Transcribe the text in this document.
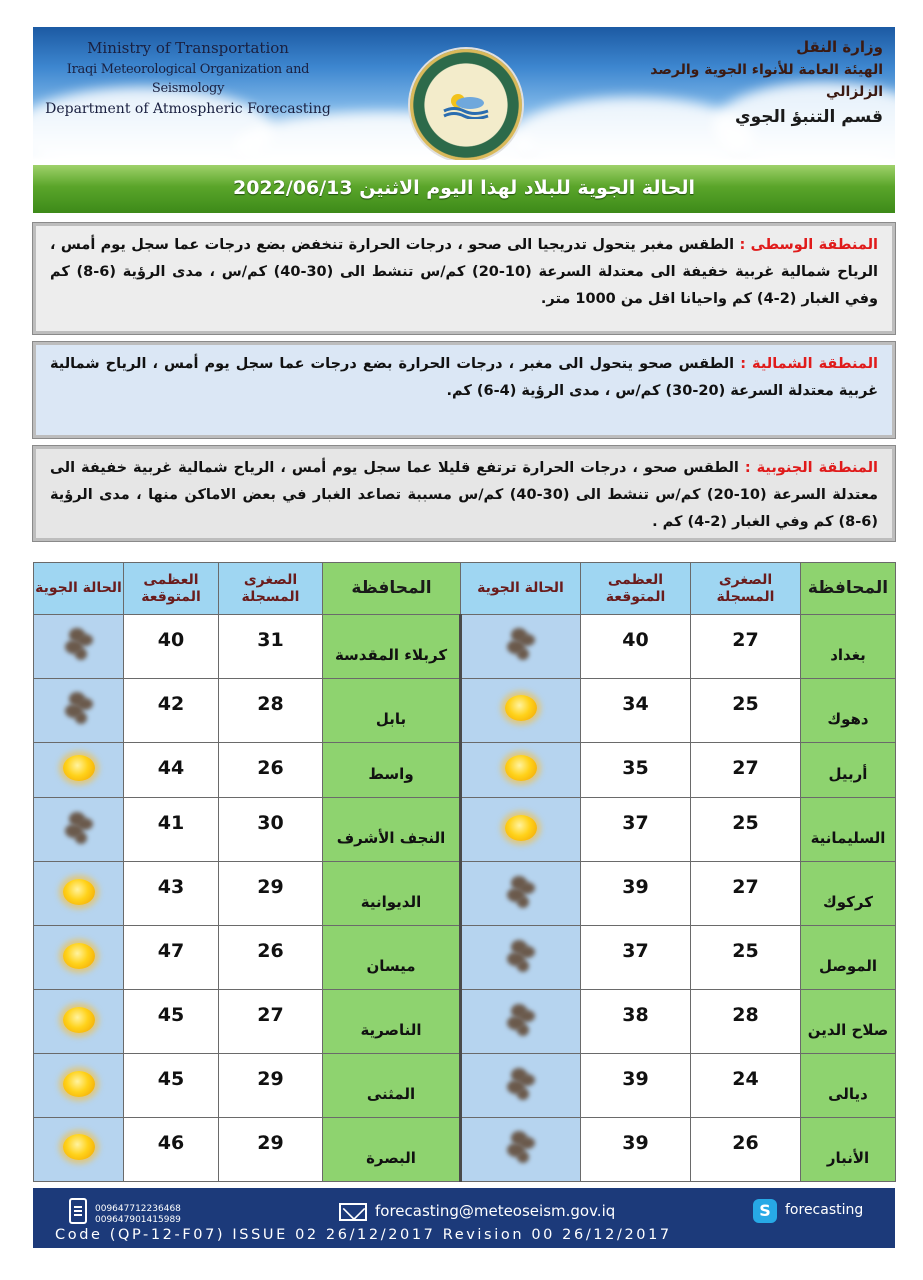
Ministry of Transportation
Iraqi Meteorological Organization and Seismology
Department of Atmospheric Forecasting
وزارة النقل
الهيئة العامة للأنواء الجوية والرصد الزلزالي
قسم التنبؤ الجوي
الحالة الجوية للبلاد لهذا اليوم الاثنين 2022/06/13
المنطقة الوسطى : الطقس مغبر يتحول تدريجيا الى صحو ، درجات الحرارة تنخفض بضع درجات عما سجل يوم أمس ، الرياح شمالية غربية خفيفة الى معتدلة السرعة (10-20) كم/س تنشط الى (30-40) كم/س ، مدى الرؤية (6-8) كم وفي الغبار (2-4) كم واحيانا اقل من 1000 متر.
المنطقة الشمالية : الطقس صحو يتحول الى مغبر ، درجات الحرارة بضع درجات عما سجل يوم أمس ، الرياح شمالية غربية معتدلة السرعة (20-30) كم/س ، مدى الرؤية (4-6) كم.
المنطقة الجنوبية : الطقس صحو ، درجات الحرارة ترتفع قليلا عما سجل يوم أمس ، الرياح شمالية غربية خفيفة الى معتدلة السرعة (10-20) كم/س تنشط الى (30-40) كم/س مسببة تصاعد الغبار في بعض الاماكن منها ، مدى الرؤية (6-8) كم وفي الغبار (2-4) كم .
المحافظة	الصغرى المسجلة	العظمى المتوقعة	الحالة الجوية	المحافظة	الصغرى المسجلة	العظمى المتوقعة	الحالة الجوية
بغداد	27	40		كربلاء المقدسة	31	40	

دهوك	25	34		بابل	28	42	

أربيل	27	35		واسط	26	44	

السليمانية	25	37		النجف الأشرف	30	41	

كركوك	27	39		الديوانية	29	43	

الموصل	25	37		ميسان	26	47	

صلاح الدين	28	38		الناصرية	27	45	

ديالى	24	39		المثنى	29	45	

الأنبار	26	39		البصرة	29	46	
009647712236468
009647901415989	forecasting@meteoseism.gov.iq	S	forecasting
Code (QP-12-F07) ISSUE 02 26/12/2017 Revision 00 26/12/2017
